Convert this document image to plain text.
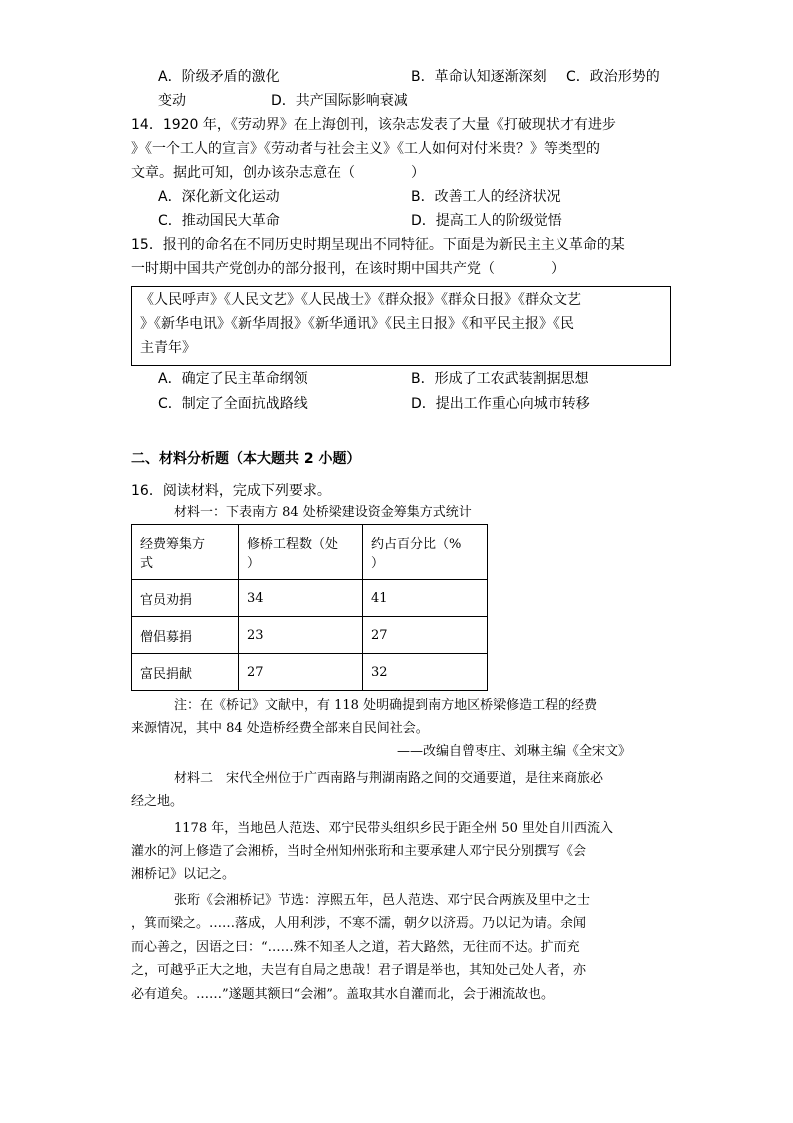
A．阶级矛盾的激化	B．革命认知逐渐深刻 C．政治形势的
变动	D．共产国际影响衰减
14．1920 年，《劳动界》在上海创刊，该杂志发表了大量《打破现状才有进步
》《一个工人的宣言》《劳动者与社会主义》《工人如何对付米贵？》等类型的
文章。据此可知，创办该杂志意在（　　　　）
A．深化新文化运动	B．改善工人的经济状况
C．推动国民大革命	D．提高工人的阶级觉悟
15．报刊的命名在不同历史时期呈现出不同特征。下面是为新民主主义革命的某
一时期中国共产党创办的部分报刊，在该时期中国共产党（　　　　）
《人民呼声》《人民文艺》《人民战士》《群众报》《群众日报》《群众文艺
》《新华电讯》《新华周报》《新华通讯》《民主日报》《和平民主报》《民
主青年》
A．确定了民主革命纲领	B．形成了工农武装割据思想
C．制定了全面抗战路线	D．提出工作重心向城市转移
二、材料分析题（本大题共 2 小题）
16．阅读材料，完成下列要求。
材料一：下表南方 84 处桥梁建设资金筹集方式统计
经费筹集方
式	修桥工程数（处
）	约占百分比（%
）
官员劝捐	34	41
僧侣募捐	23	27
富民捐献	27	32
注：在《桥记》文献中，有 118 处明确提到南方地区桥梁修造工程的经费
来源情况，其中 84 处造桥经费全部来自民间社会。
——改编自曾枣庄、刘琳主编《全宋文》
材料二　宋代全州位于广西南路与荆湖南路之间的交通要道，是往来商旅必
经之地。
1178 年，当地邑人范迭、邓宁民带头组织乡民于距全州 50 里处自川西流入
灌水的河上修造了会湘桥，当时全州知州张珩和主要承建人邓宁民分别撰写《会
湘桥记》以记之。
张珩《会湘桥记》节选：淳熙五年，邑人范迭、邓宁民合两族及里中之士
，箕而梁之。……落成，人用利涉，不寒不濡，朝夕以济焉。乃以记为请。余闻
而心善之，因语之曰：“……殊不知圣人之道，若大路然，无往而不达。扩而充
之，可越乎正大之地，夫岂有自局之患哉！君子谓是举也，其知处己处人者，亦
必有道矣。……”遂题其额曰“会湘”。盖取其水自灌而北，会于湘流故也。
